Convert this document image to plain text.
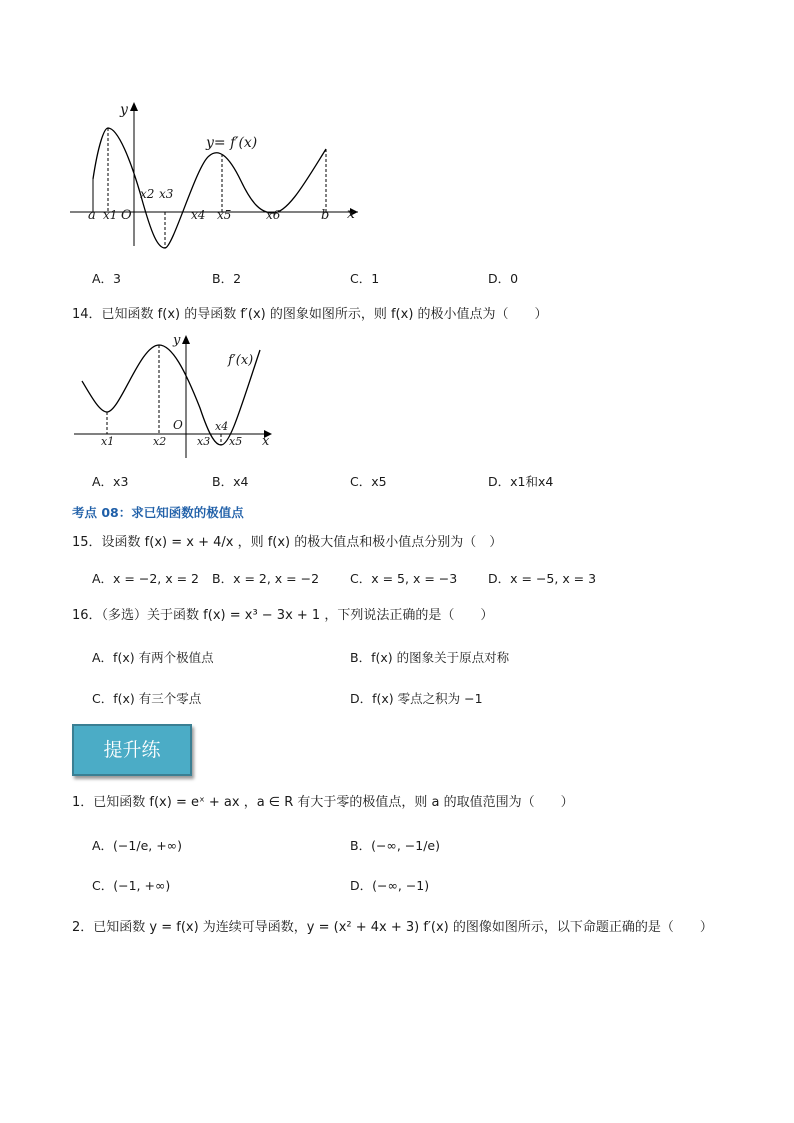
y
y= f′(x)
x
O
a x1
x2 x3
x4 x5	x6	b
A．3	B．2	C．1	D．0
14．已知函数 f(x) 的导函数 f′(x) 的图象如图所示，则 f(x) 的极小值点为（　　）
y
f′(x)
x
O
x1	x2	x3
x4
x5
A．x3	B．x4	C．x5	D．x1和x4
考点 08：求已知函数的极值点
15．设函数 f(x) = x + 4/x ，则 f(x) 的极大值点和极小值点分别为（　）
A．x = −2, x = 2 B．x = 2, x = −2 C．x = 5, x = −3 D．x = −5, x = 3
16．（多选）关于函数 f(x) = x³ − 3x + 1 ，下列说法正确的是（　　）
A．f(x) 有两个极值点	B．f(x) 的图象关于原点对称
C．f(x) 有三个零点	D．f(x) 零点之积为 −1
提升练
1．已知函数 f(x) = eˣ + ax ，a ∈ R 有大于零的极值点，则 a 的取值范围为（　　）
A．(−1/e, +∞)	B．(−∞, −1/e)
C．(−1, +∞)	D．(−∞, −1)
2．已知函数 y = f(x) 为连续可导函数，y = (x² + 4x + 3) f′(x) 的图像如图所示，以下命题正确的是（　　）
